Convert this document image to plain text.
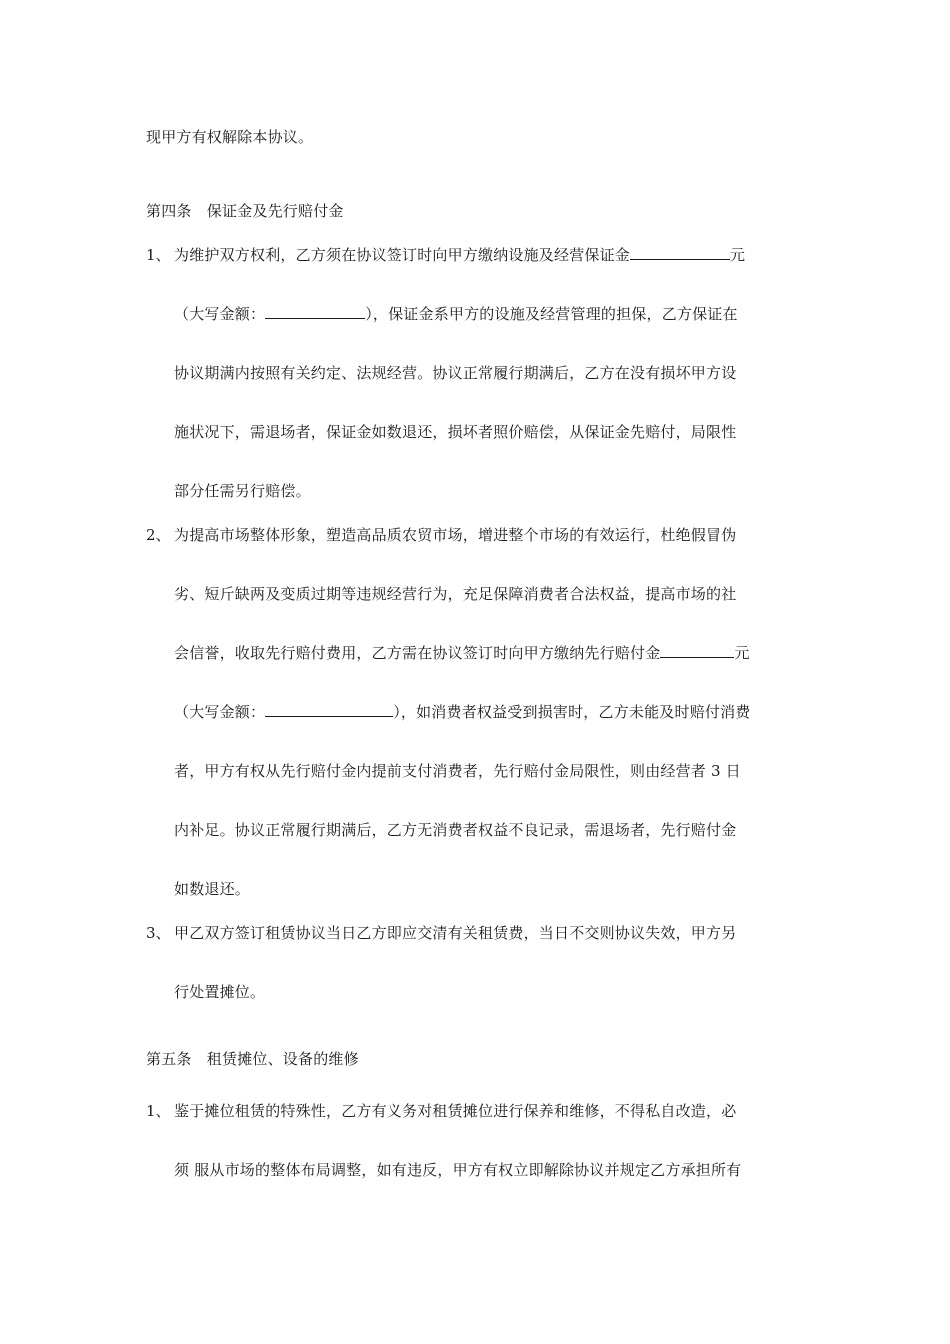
现甲方有权解除本协议。
第四条　保证金及先行赔付金
1、 为维护双方权利，乙方须在协议签订时向甲方缴纳设施及经营保证金	元
（大写金额：	），保证金系甲方的设施及经营管理的担保，乙方保证在
协议期满内按照有关约定、法规经营。协议正常履行期满后，乙方在没有损坏甲方设
施状况下，需退场者，保证金如数退还，损坏者照价赔偿，从保证金先赔付，局限性
部分任需另行赔偿。
2、 为提高市场整体形象，塑造高品质农贸市场，增进整个市场的有效运行，杜绝假冒伪
劣、短斤缺两及变质过期等违规经营行为，充足保障消费者合法权益，提高市场的社
会信誉，收取先行赔付费用，乙方需在协议签订时向甲方缴纳先行赔付金	元
（大写金额：	），如消费者权益受到损害时，乙方未能及时赔付消费
者，甲方有权从先行赔付金内提前支付消费者，先行赔付金局限性，则由经营者 3 日
内补足。协议正常履行期满后，乙方无消费者权益不良记录，需退场者，先行赔付金
如数退还。
3、 甲乙双方签订租赁协议当日乙方即应交清有关租赁费，当日不交则协议失效，甲方另
行处置摊位。
第五条　租赁摊位、设备的维修
1、 鉴于摊位租赁的特殊性，乙方有义务对租赁摊位进行保养和维修，不得私自改造，必
须 服从市场的整体布局调整，如有违反，甲方有权立即解除协议并规定乙方承担所有
